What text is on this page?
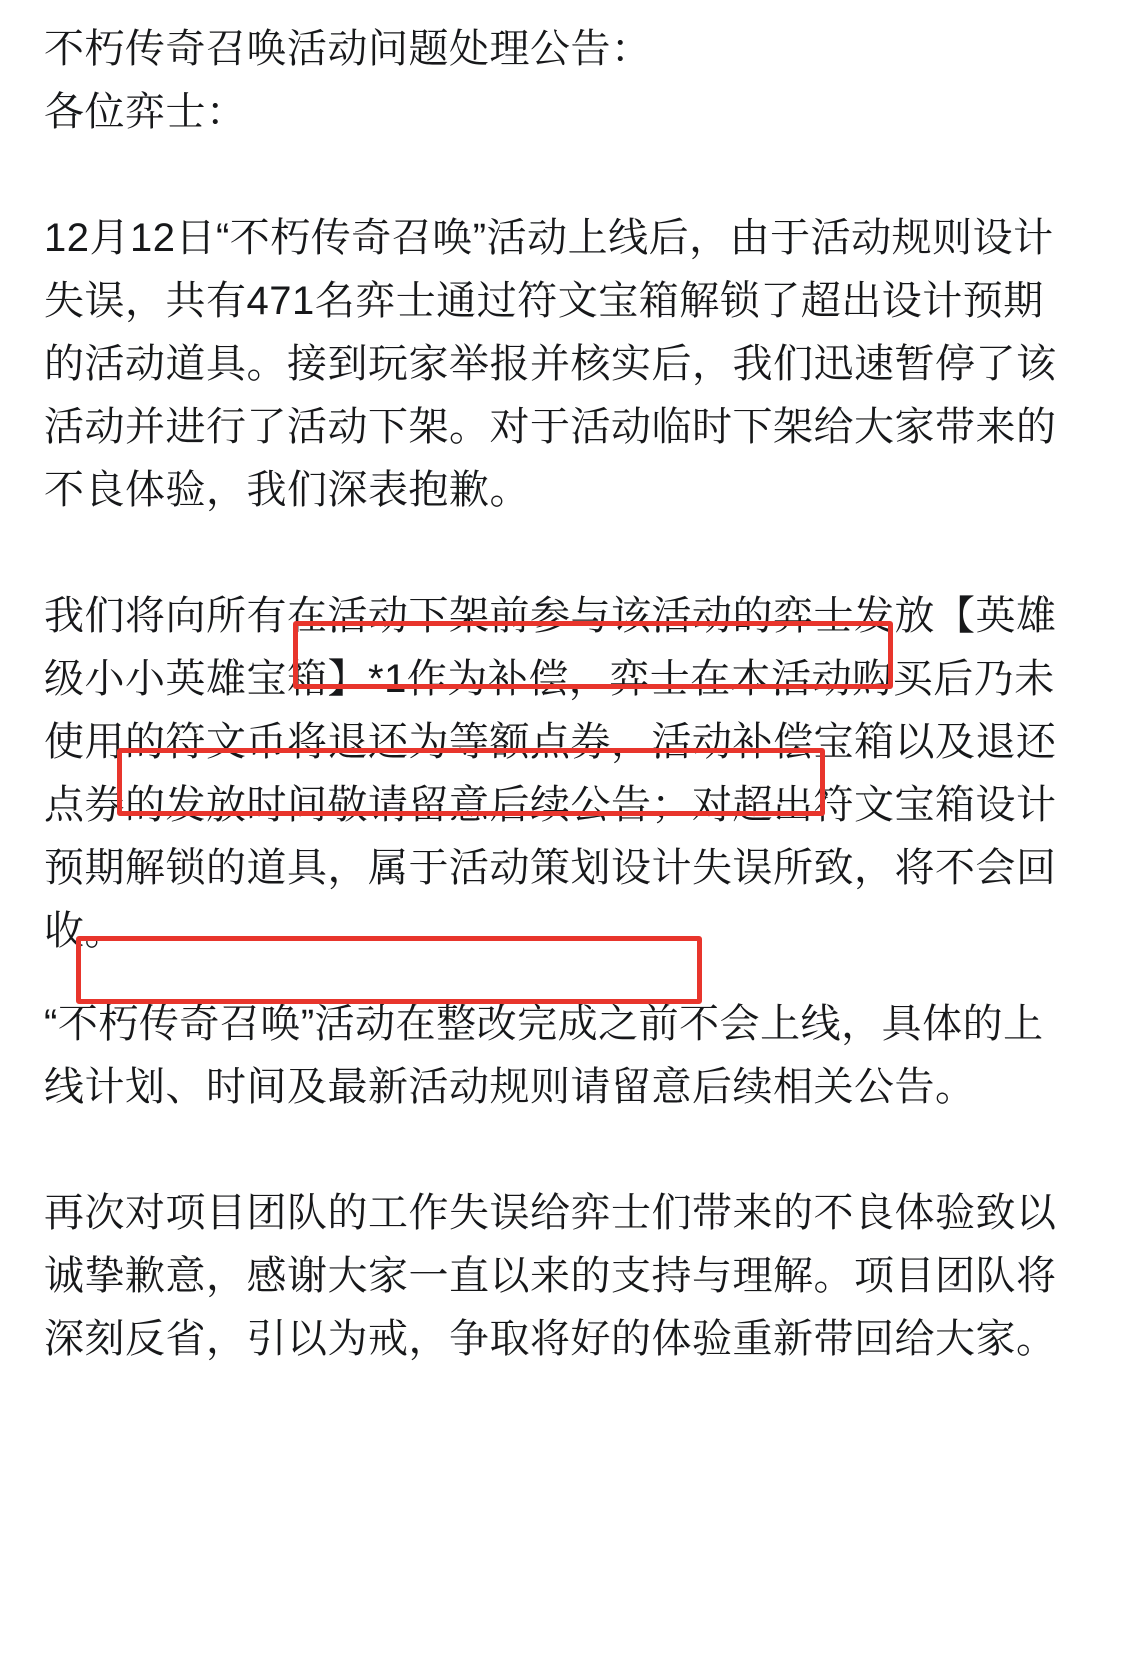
不朽传奇召唤活动问题处理公告：
各位弈士：
12月12日“不朽传奇召唤”活动上线后，由于活动规则设计失误，共有471名弈士通过符文宝箱解锁了超出设计预期的活动道具。接到玩家举报并核实后，我们迅速暂停了该活动并进行了活动下架。对于活动临时下架给大家带来的不良体验，我们深表抱歉。
我们将向所有在活动下架前参与该活动的弈士发放【英雄级小小英雄宝箱】*1作为补偿，弈士在本活动购买后乃未使用的符文币将退还为等额点券，活动补偿宝箱以及退还点券的发放时间敬请留意后续公告；对超出符文宝箱设计预期解锁的道具，属于活动策划设计失误所致，将不会回收。
“不朽传奇召唤”活动在整改完成之前不会上线，具体的上线计划、时间及最新活动规则请留意后续相关公告。
再次对项目团队的工作失误给弈士们带来的不良体验致以诚挚歉意，感谢大家一直以来的支持与理解。项目团队将深刻反省，引以为戒，争取将好的体验重新带回给大家。
